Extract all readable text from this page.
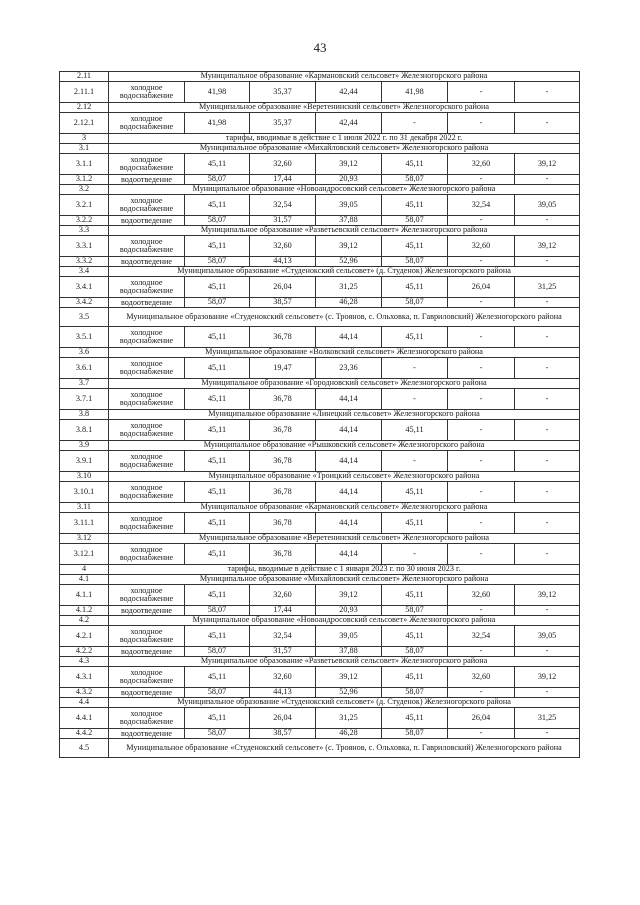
43
2.11	Муниципальное образование «Кармановский сельсовет» Железногорского района						
2.11.1	холодное водоснабжение	41,98	35,37	42,44	41,98	-	-
2.12	Муниципальное образование «Веретенинский сельсовет» Железногорского района						
2.12.1	холодное водоснабжение	41,98	35,37	42,44	-	-	-
3	тарифы, вводимые в действие с 1 июля 2022 г. по 31 декабря 2022 г.						
3.1	Муниципальное образование «Михайловский сельсовет» Железногорского района						
3.1.1	холодное водоснабжение	45,11	32,60	39,12	45,11	32,60	39,12
3.1.2	водоотведение	58,07	17,44	20,93	58,07	-	-
3.2	Муниципальное образование «Новоандросовский сельсовет» Железногорского района						
3.2.1	холодное водоснабжение	45,11	32,54	39,05	45,11	32,54	39,05
3.2.2	водоотведение	58,07	31,57	37,88	58,07	-	-
3.3	Муниципальное образование «Разветьевский сельсовет» Железногорского района						
3.3.1	холодное водоснабжение	45,11	32,60	39,12	45,11	32,60	39,12
3.3.2	водоотведение	58,07	44,13	52,96	58,07	-	-
3.4	Муниципальное образование «Студенокский сельсовет» (д. Студенок) Железногорского района						
3.4.1	холодное водоснабжение	45,11	26,04	31,25	45,11	26,04	31,25
3.4.2	водоотведение	58,07	38,57	46,28	58,07	-	-
3.5	Муниципальное образование «Студенокский сельсовет» (с. Троянов, с. Ольховка, п. Гавриловский) Железногорского района						
3.5.1	холодное водоснабжение	45,11	36,78	44,14	45,11	-	-
3.6	Муниципальное образование «Волковский сельсовет» Железногорского района						
3.6.1	холодное водоснабжение	45,11	19,47	23,36	-	-	-
3.7	Муниципальное образование «Городновский сельсовет» Железногорского района						
3.7.1	холодное водоснабжение	45,11	36,78	44,14	-	-	-
3.8	Муниципальное образование «Линецкий сельсовет» Железногорского района						
3.8.1	холодное водоснабжение	45,11	36,78	44,14	45,11	-	-
3.9	Муниципальное образование «Рышковский сельсовет» Железногорского района						
3.9.1	холодное водоснабжение	45,11	36,78	44,14	-	-	-
3.10	Муниципальное образование «Троицкий сельсовет» Железногорского района						
3.10.1	холодное водоснабжение	45,11	36,78	44,14	45,11	-	-
3.11	Муниципальное образование «Кармановский сельсовет» Железногорского района						
3.11.1	холодное водоснабжение	45,11	36,78	44,14	45,11	-	-
3.12	Муниципальное образование «Веретенинский сельсовет» Железногорского района						
3.12.1	холодное водоснабжение	45,11	36,78	44,14	-	-	-
4	тарифы, вводимые в действие с 1 января 2023 г. по 30 июня 2023 г.						
4.1	Муниципальное образование «Михайловский сельсовет» Железногорского района						
4.1.1	холодное водоснабжение	45,11	32,60	39,12	45,11	32,60	39,12
4.1.2	водоотведение	58,07	17,44	20,93	58,07	-	-
4.2	Муниципальное образование «Новоандросовский сельсовет» Железногорского района						
4.2.1	холодное водоснабжение	45,11	32,54	39,05	45,11	32,54	39,05
4.2.2	водоотведение	58,07	31,57	37,88	58,07	-	-
4.3	Муниципальное образование «Разветьевский сельсовет» Железногорского района						
4.3.1	холодное водоснабжение	45,11	32,60	39,12	45,11	32,60	39,12
4.3.2	водоотведение	58,07	44,13	52,96	58,07	-	-
4.4	Муниципальное образование «Студенокский сельсовет» (д. Студенок) Железногорского района						
4.4.1	холодное водоснабжение	45,11	26,04	31,25	45,11	26,04	31,25
4.4.2	водоотведение	58,07	38,57	46,28	58,07	-	-
4.5	Муниципальное образование «Студенокский сельсовет» (с. Троянов, с. Ольховка, п. Гавриловский) Железногорского района						
